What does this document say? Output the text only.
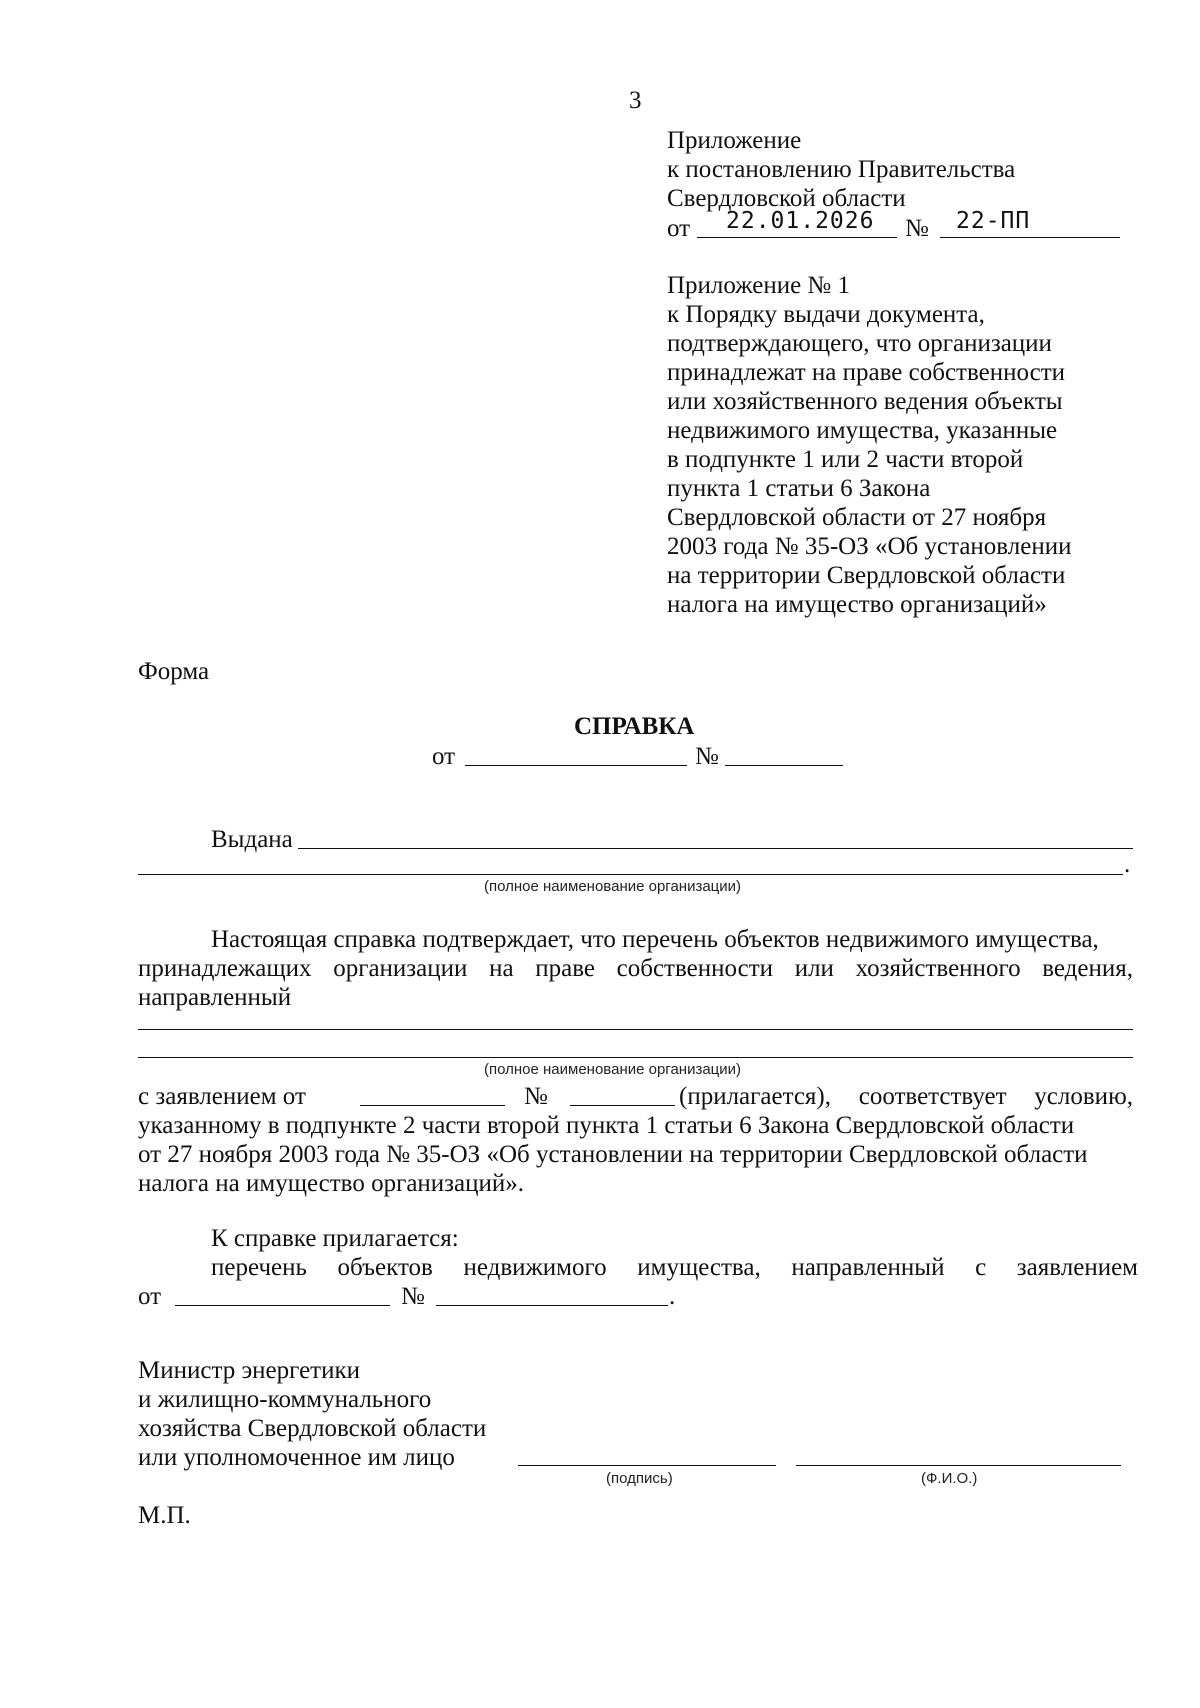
3
Приложение
к постановлению Правительства
Свердловской области
от 22.01.2026 № 22-ПП
Приложение № 1
к Порядку выдачи документа,
подтверждающего, что организации
принадлежат на праве собственности
или хозяйственного ведения объекты
недвижимого имущества, указанные
в подпункте 1 или 2 части второй
пункта 1 статьи 6 Закона
Свердловской области от 27 ноября
2003 года № 35-ОЗ «Об установлении
на территории Свердловской области
налога на имущество организаций»
Форма
СПРАВКА
от	№
Выдана
.
(полное наименование организации)
Настоящая справка подтверждает, что перечень объектов недвижимого имущества,
принадлежащих организации на праве собственности или хозяйственного ведения,
направленный
(полное наименование организации)
с заявлением от	№	(прилагается), соответствует условию,
указанному в подпункте 2 части второй пункта 1 статьи 6 Закона Свердловской области
от 27 ноября 2003 года № 35-ОЗ «Об установлении на территории Свердловской области
налога на имущество организаций».
К справке прилагается:
перечень объектов недвижимого имущества, направленный с заявлением
от	№	.
Министр энергетики
и жилищно-коммунального
хозяйства Свердловской области
или уполномоченное им лицо
(подпись)	(Ф.И.О.)
М.П.
